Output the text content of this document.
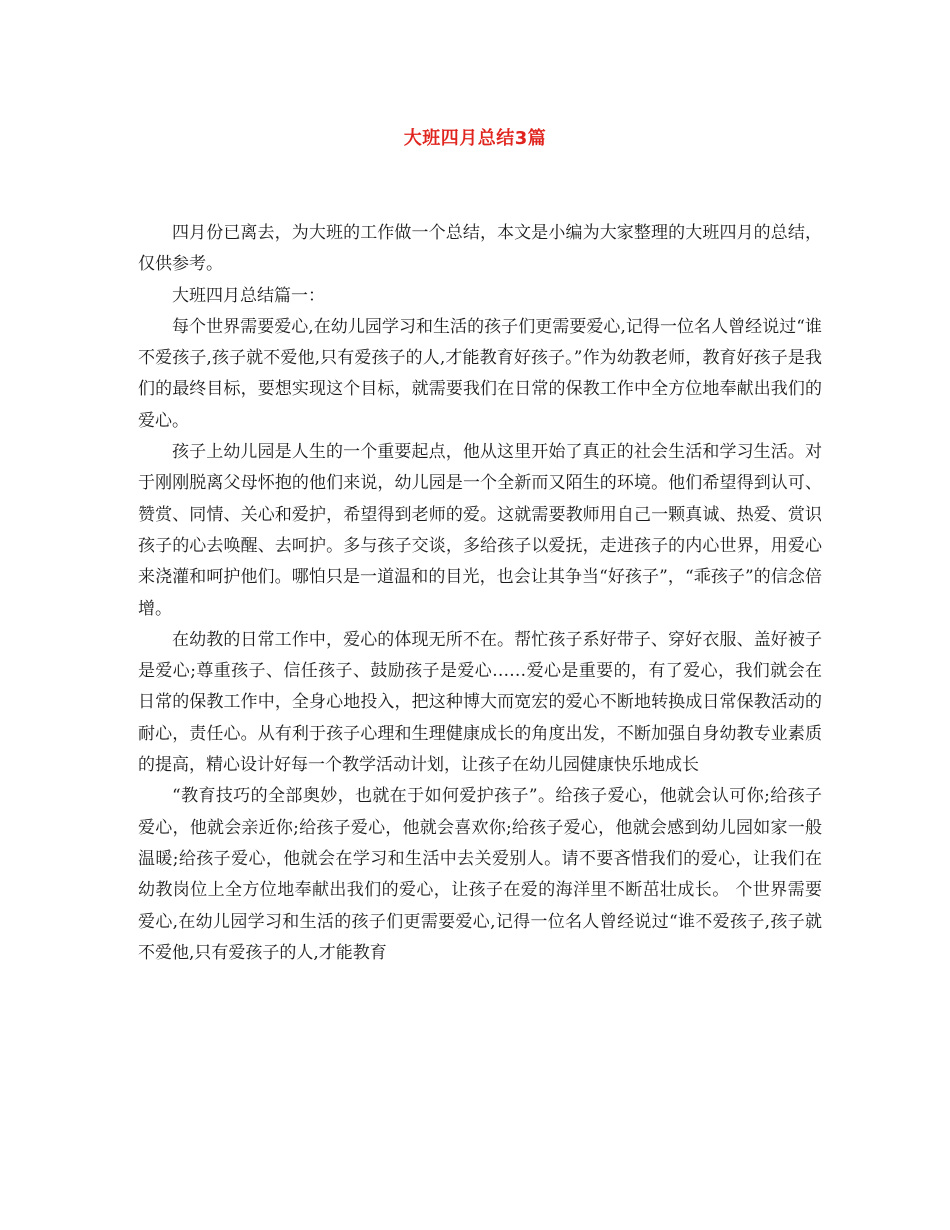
大班四月总结3篇

四月份已离去，为大班的工作做一个总结，本文是小编为大家整理的大班四月的总结，仅供参考。

大班四月总结篇一：

每个世界需要爱心,在幼儿园学习和生活的孩子们更需要爱心,记得一位名人曾经说过“谁不爱孩子,孩子就不爱他,只有爱孩子的人,才能教育好孩子。”作为幼教老师，教育好孩子是我们的最终目标，要想实现这个目标，就需要我们在日常的保教工作中全方位地奉献出我们的爱心。

孩子上幼儿园是人生的一个重要起点，他从这里开始了真正的社会生活和学习生活。对于刚刚脱离父母怀抱的他们来说，幼儿园是一个全新而又陌生的环境。他们希望得到认可、赞赏、同情、关心和爱护，希望得到老师的爱。这就需要教师用自己一颗真诚、热爱、赏识孩子的心去唤醒、去呵护。多与孩子交谈，多给孩子以爱抚，走进孩子的内心世界，用爱心来浇灌和呵护他们。哪怕只是一道温和的目光，也会让其争当“好孩子”，“乖孩子”的信念倍增。

在幼教的日常工作中，爱心的体现无所不在。帮忙孩子系好带子、穿好衣服、盖好被子是爱心;尊重孩子、信任孩子、鼓励孩子是爱心……爱心是重要的，有了爱心，我们就会在日常的保教工作中，全身心地投入，把这种博大而宽宏的爱心不断地转换成日常保教活动的耐心，责任心。从有利于孩子心理和生理健康成长的角度出发，不断加强自身幼教专业素质的提高，精心设计好每一个教学活动计划，让孩子在幼儿园健康快乐地成长

“教育技巧的全部奥妙，也就在于如何爱护孩子”。给孩子爱心，他就会认可你;给孩子爱心，他就会亲近你;给孩子爱心，他就会喜欢你;给孩子爱心，他就会感到幼儿园如家一般温暖;给孩子爱心，他就会在学习和生活中去关爱别人。请不要吝惜我们的爱心，让我们在幼教岗位上全方位地奉献出我们的爱心，让孩子在爱的海洋里不断茁壮成长。 个世界需要爱心,在幼儿园学习和生活的孩子们更需要爱心,记得一位名人曾经说过“谁不爱孩子,孩子就不爱他,只有爱孩子的人,才能教育
